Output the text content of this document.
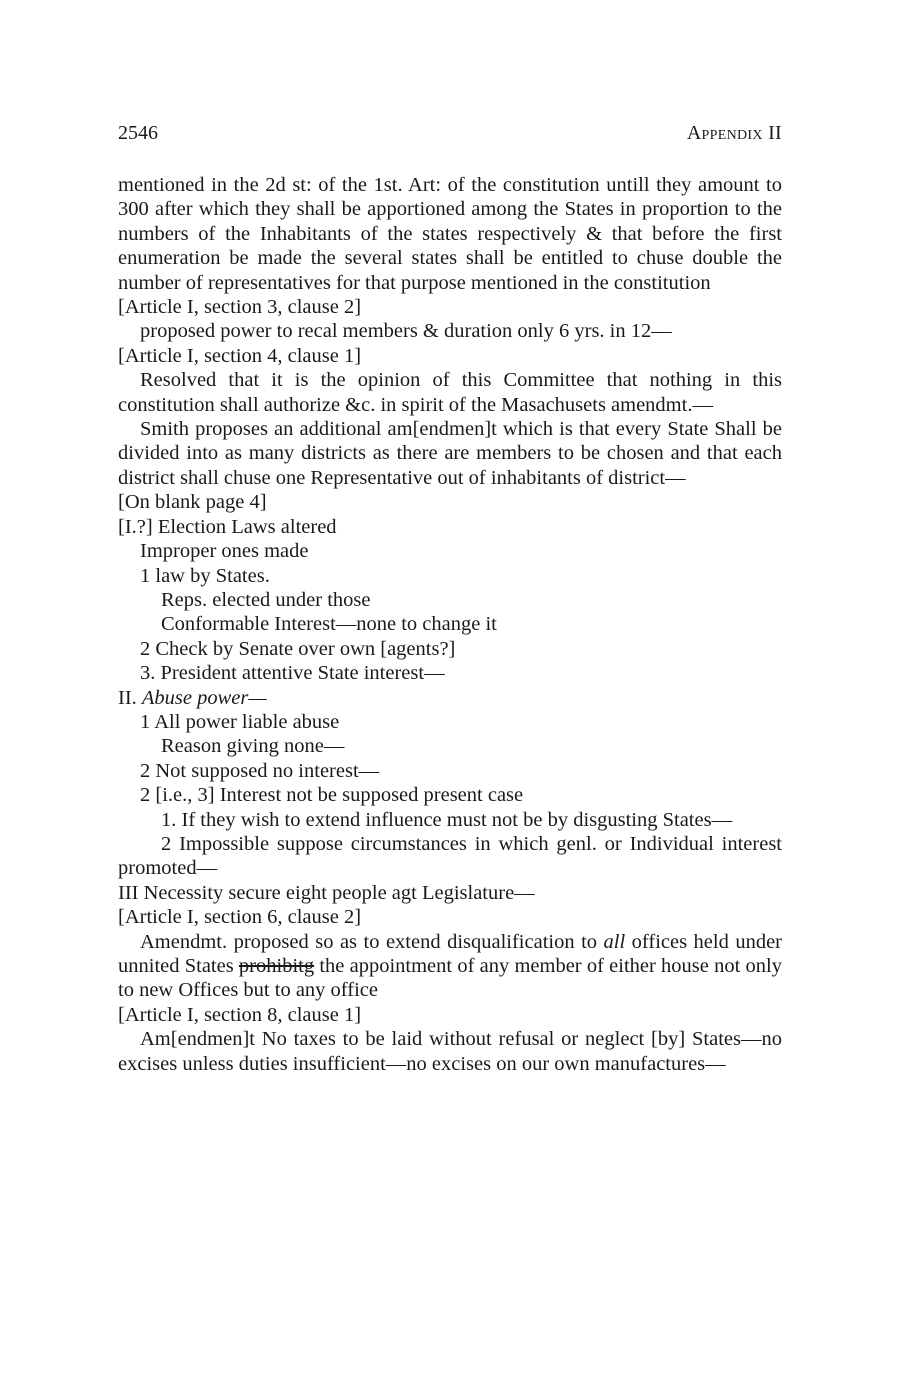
2546	Appendix II

mentioned in the 2d st: of the 1st. Art: of the constitution untill they amount to 300 after which they shall be apportioned among the States in proportion to the numbers of the Inhabitants of the states respectively & that before the first enumeration be made the several states shall be entitled to chuse double the number of representatives for that purpose mentioned in the constitution

[Article I, section 3, clause 2]

proposed power to recal members & duration only 6 yrs. in 12—

[Article I, section 4, clause 1]

Resolved that it is the opinion of this Committee that nothing in this constitution shall authorize &c. in spirit of the Masachusets amendmt.—

Smith proposes an additional am[endmen]t which is that every State Shall be divided into as many districts as there are members to be chosen and that each district shall chuse one Representative out of inhabitants of district—

[On blank page 4]

[I.?] Election Laws altered

Improper ones made

1 law by States.

Reps. elected under those

Conformable Interest—none to change it

2 Check by Senate over own [agents?]

3. President attentive State interest—

II. Abuse power—

1 All power liable abuse

Reason giving none—

2 Not supposed no interest—

2 [i.e., 3] Interest not be supposed present case

1. If they wish to extend influence must not be by disgusting States—

2 Impossible suppose circumstances in which genl. or Individual interest promoted—

III Necessity secure eight people agt Legislature—

[Article I, section 6, clause 2]

Amendmt. proposed so as to extend disqualification to all offices held under unnited States prohibitg the appointment of any member of either house not only to new Offices but to any office

[Article I, section 8, clause 1]

Am[endmen]t No taxes to be laid without refusal or neglect [by] States—no excises unless duties insufficient—no excises on our own manufactures—
